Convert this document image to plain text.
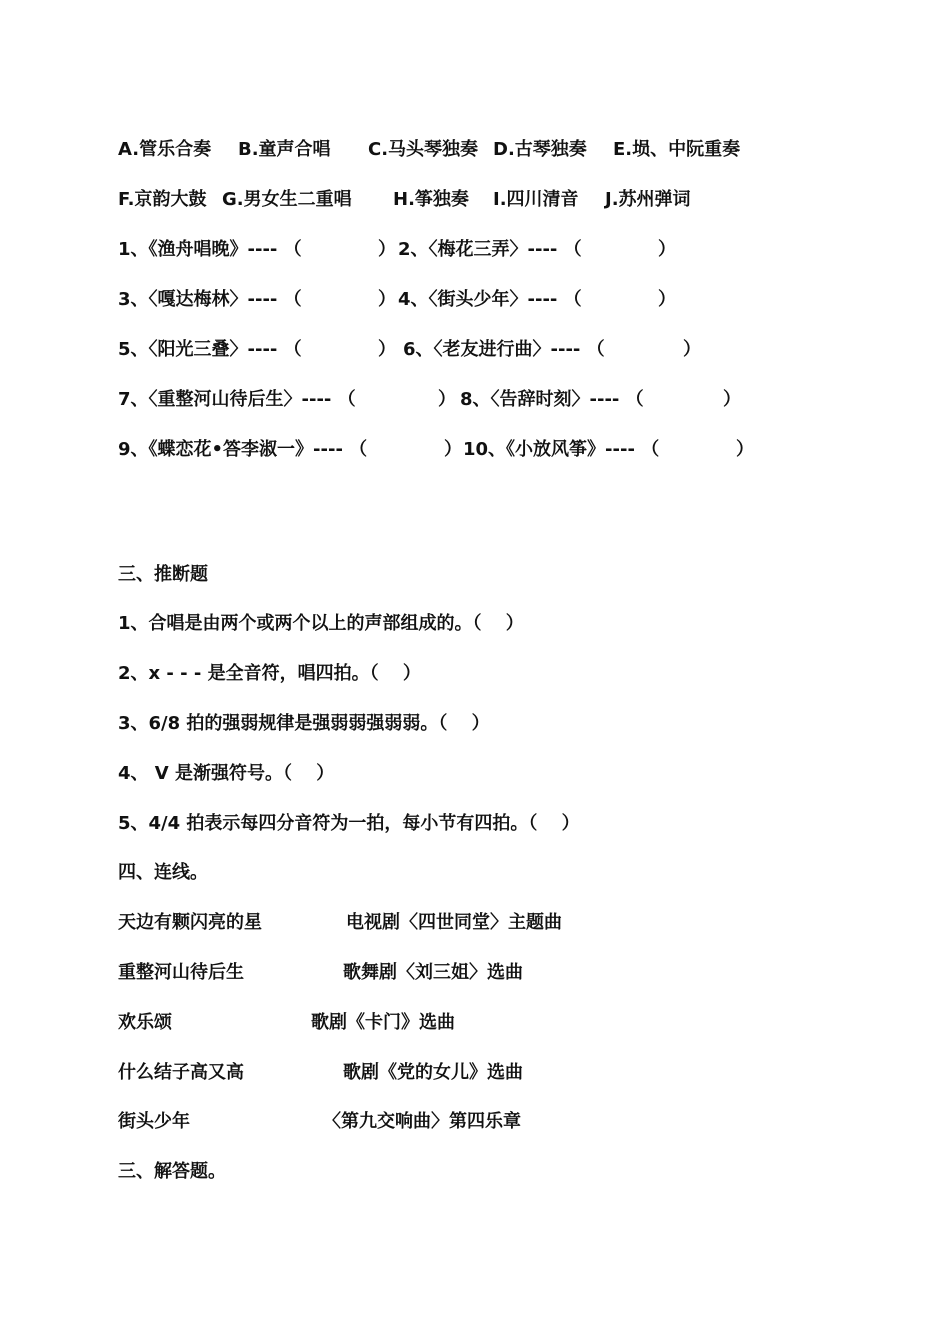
A.管乐合奏

B.童声合唱

C.马头琴独奏

D.古琴独奏

E.埙、中阮重奏

F.京韵大鼓

G.男女生二重唱

H.筝独奏

I.四川清音

J.苏州弹词

1、《渔舟唱晚》---- （

	）

2、〈梅花三弄〉---- （

	）

3、〈嘎达梅林〉---- （

	）

4、〈街头少年〉---- （

	）

5、〈阳光三叠〉---- （

	）

6、〈老友进行曲〉---- （

	）

7、〈重整河山待后生〉---- （

	）

8、〈告辞时刻〉---- （

	）

9、《蝶恋花•答李淑一》---- （

	）

10、《小放风筝》---- （

	）

三、推断题
1、合唱是由两个或两个以上的声部组成的。（　 ）
2、x - - - 是全音符，唱四拍。（　 ）
3、6/8 拍的强弱规律是强弱弱强弱弱。（　 ）
4、 V 是渐强符号。（　 ）
5、4/4 拍表示每四分音符为一拍，每小节有四拍。（　 ）
四、连线。

天边有颗闪亮的星

	电视剧〈四世同堂〉主题曲

重整河山待后生

	歌舞剧〈刘三姐〉选曲

欢乐颂

	歌剧《卡门》选曲

什么结子高又高

	歌剧《党的女儿》选曲

街头少年

	〈第九交响曲〉第四乐章

三、解答题。
